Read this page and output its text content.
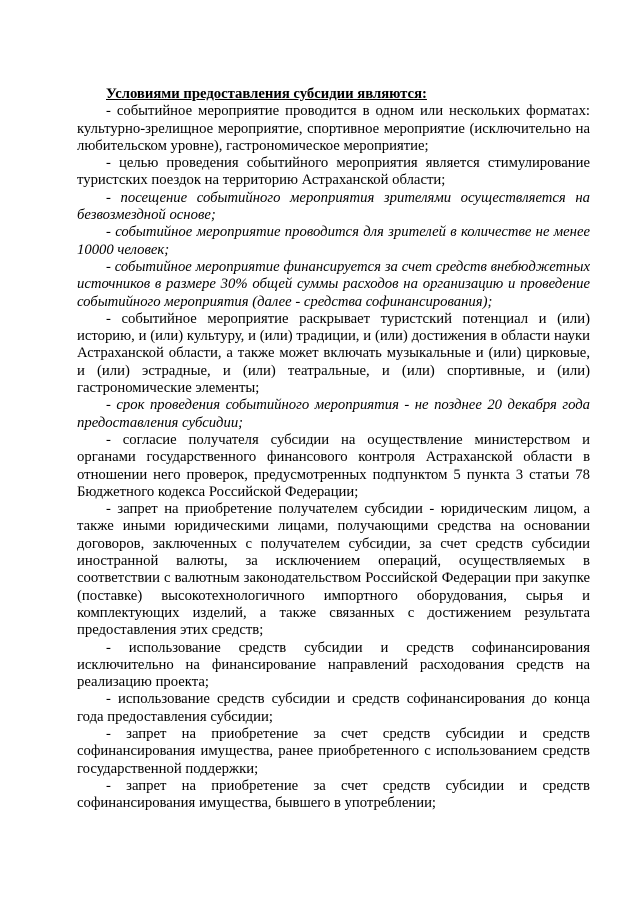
Условиями предоставления субсидии являются:

- событийное мероприятие проводится в одном или нескольких форматах: культурно-зрелищное мероприятие, спортивное мероприятие (исключительно на любительском уровне), гастрономическое мероприятие;

- целью проведения событийного мероприятия является стимулирование туристских поездок на территорию Астраханской области;

- посещение событийного мероприятия зрителями осуществляется на безвозмездной основе;

- событийное мероприятие проводится для зрителей в количестве не менее 10000 человек;

- событийное мероприятие финансируется за счет средств внебюджетных источников в размере 30% общей суммы расходов на организацию и проведение событийного мероприятия (далее - средства софинансирования);

- событийное мероприятие раскрывает туристский потенциал и (или) историю, и (или) культуру, и (или) традиции, и (или) достижения в области науки Астраханской области, а также может включать музыкальные и (или) цирковые, и (или) эстрадные, и (или) театральные, и (или) спортивные, и (или) гастрономические элементы;

- срок проведения событийного мероприятия - не позднее 20 декабря года предоставления субсидии;

- согласие получателя субсидии на осуществление министерством и органами государственного финансового контроля Астраханской области в отношении него проверок, предусмотренных подпунктом 5 пункта 3 статьи 78 Бюджетного кодекса Российской Федерации;

- запрет на приобретение получателем субсидии - юридическим лицом, а также иными юридическими лицами, получающими средства на основании договоров, заключенных с получателем субсидии, за счет средств субсидии иностранной валюты, за исключением операций, осуществляемых в соответствии с валютным законодательством Российской Федерации при закупке (поставке) высокотехнологичного импортного оборудования, сырья и комплектующих изделий, а также связанных с достижением результата предоставления этих средств;

- использование средств субсидии и средств софинансирования исключительно на финансирование направлений расходования средств на реализацию проекта;

- использование средств субсидии и средств софинансирования до конца года предоставления субсидии;

- запрет на приобретение за счет средств субсидии и средств софинансирования имущества, ранее приобретенного с использованием средств государственной поддержки;

- запрет на приобретение за счет средств субсидии и средств софинансирования имущества, бывшего в употреблении;
